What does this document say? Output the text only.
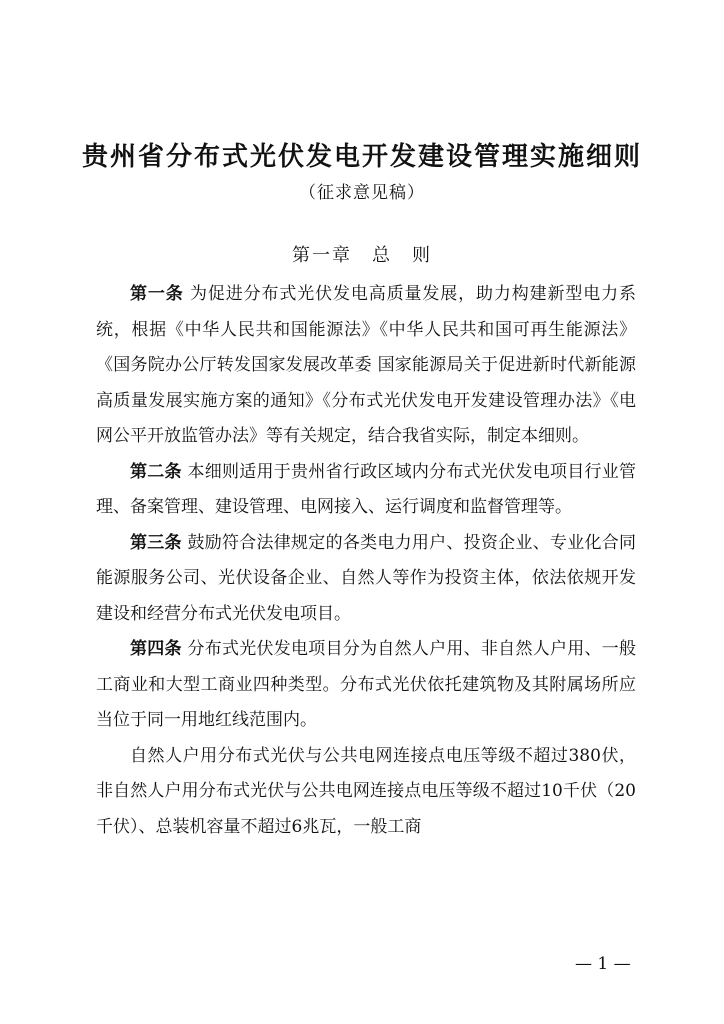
贵州省分布式光伏发电开发建设管理实施细则
（征求意见稿）
第一章 总　则

第一条 为促进分布式光伏发电高质量发展，助力构建新型电力系统，根据《中华人民共和国能源法》《中华人民共和国可再生能源法》《国务院办公厅转发国家发展改革委 国家能源局关于促进新时代新能源高质量发展实施方案的通知》《分布式光伏发电开发建设管理办法》《电网公平开放监管办法》等有关规定，结合我省实际，制定本细则。

第二条 本细则适用于贵州省行政区域内分布式光伏发电项目行业管理、备案管理、建设管理、电网接入、运行调度和监督管理等。

第三条 鼓励符合法律规定的各类电力用户、投资企业、专业化合同能源服务公司、光伏设备企业、自然人等作为投资主体，依法依规开发建设和经营分布式光伏发电项目。

第四条 分布式光伏发电项目分为自然人户用、非自然人户用、一般工商业和大型工商业四种类型。分布式光伏依托建筑物及其附属场所应当位于同一用地红线范围内。

自然人户用分布式光伏与公共电网连接点电压等级不超过380伏，非自然人户用分布式光伏与公共电网连接点电压等级不超过10千伏（20千伏）、总装机容量不超过6兆瓦，一般工商

— 1 —
